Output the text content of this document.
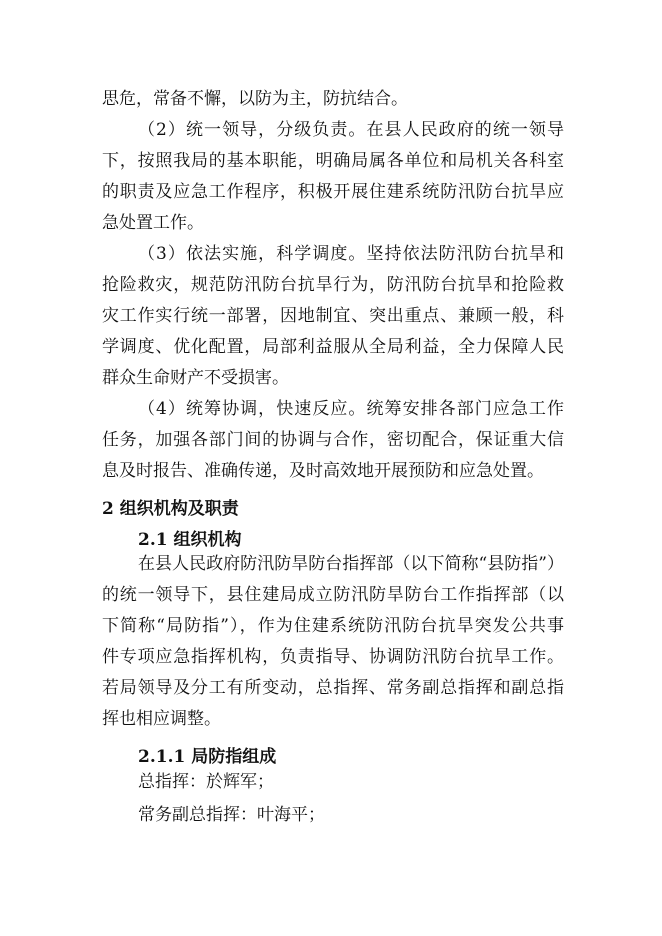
思危，常备不懈，以防为主，防抗结合。
（2）统一领导，分级负责。在县人民政府的统一领导
下，按照我局的基本职能，明确局属各单位和局机关各科室
的职责及应急工作程序，积极开展住建系统防汛防台抗旱应
急处置工作。
（3）依法实施，科学调度。坚持依法防汛防台抗旱和
抢险救灾，规范防汛防台抗旱行为，防汛防台抗旱和抢险救
灾工作实行统一部署，因地制宜、突出重点、兼顾一般，科
学调度、优化配置，局部利益服从全局利益，全力保障人民
群众生命财产不受损害。
（4）统筹协调，快速反应。统筹安排各部门应急工作
任务，加强各部门间的协调与合作，密切配合，保证重大信
息及时报告、准确传递，及时高效地开展预防和应急处置。
2 组织机构及职责
2.1 组织机构
在县人民政府防汛防旱防台指挥部（以下简称“县防指”）
的统一领导下，县住建局成立防汛防旱防台工作指挥部（以
下简称“局防指”），作为住建系统防汛防台抗旱突发公共事
件专项应急指挥机构，负责指导、协调防汛防台抗旱工作。
若局领导及分工有所变动，总指挥、常务副总指挥和副总指
挥也相应调整。
2.1.1 局防指组成
总指挥：於辉军；
常务副总指挥：叶海平；
